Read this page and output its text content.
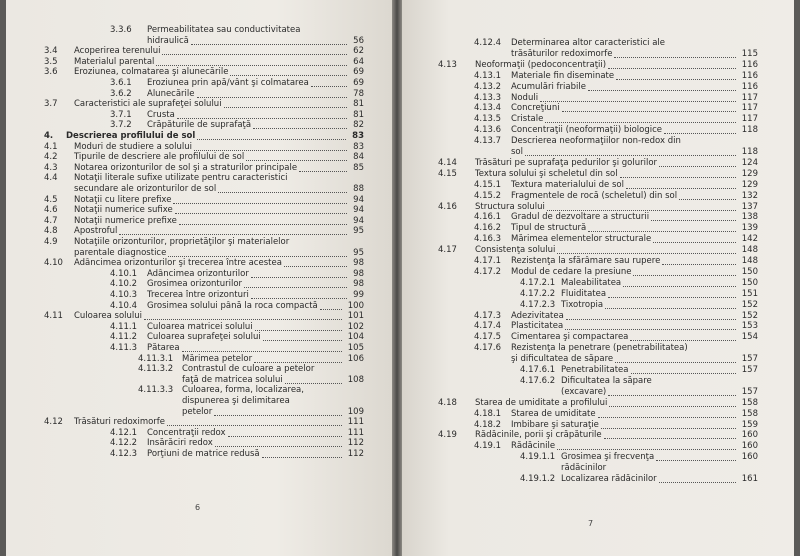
3.3.6 Permeabilitatea sau conductivitatea
hidraulică	56
3.4 Acoperirea terenului	62
3.5 Materialul parental	64
3.6 Eroziunea, colmatarea şi alunecările	69
3.6.1 Eroziunea prin apă/vânt şi colmatarea	69
3.6.2 Alunecările	78
3.7 Caracteristici ale suprafeţei solului	81
3.7.1 Crusta	81
3.7.2 Crăpăturile de suprafaţă	82
4. Descrierea profilului de sol	83
4.1 Moduri de studiere a solului	83
4.2 Tipurile de descriere ale profilului de sol	84
4.3 Notarea orizonturilor de sol şi a straturilor principale	85
4.4 Notaţii literale sufixe utilizate pentru caracteristici
secundare ale orizonturilor de sol	88
4.5 Notaţii cu litere prefixe	94
4.6 Notaţii numerice sufixe	94
4.7 Notaţii numerice prefixe	94
4.8 Apostroful	95
4.9 Notaţiile orizonturilor, proprietăţilor şi materialelor
parentale diagnostice	95
4.10 Adâncimea orizonturilor şi trecerea între acestea	98
4.10.1 Adâncimea orizonturilor	98
4.10.2 Grosimea orizonturilor	98
4.10.3 Trecerea între orizonturi	99
4.10.4 Grosimea solului până la roca compactă	100
4.11 Culoarea solului	101
4.11.1 Culoarea matricei solului	102
4.11.2 Culoarea suprafeţei solului	104
4.11.3 Pătarea	105
4.11.3.1 Mărimea petelor	106
4.11.3.2 Contrastul de culoare a petelor
faţă de matricea solului	108
4.11.3.3 Culoarea, forma, localizarea,
dispunerea şi delimitarea
petelor	109
4.12 Trăsături redoximorfe	111
4.12.1 Concentraţii redox	111
4.12.2 Însărăciri redox	112
4.12.3 Porţiuni de matrice redusă	112
6
4.12.4 Determinarea altor caracteristici ale
trăsăturilor redoximorfe	115
4.13 Neoformaţii (pedoconcentraţii)	116
4.13.1 Materiale fin diseminate	116
4.13.2 Acumulări friabile	116
4.13.3 Noduli	117
4.13.4 Concreţiuni	117
4.13.5 Cristale	117
4.13.6 Concentraţii (neoformaţii) biologice	118
4.13.7 Descrierea neoformaţiilor non-redox din
sol	118
4.14 Trăsături pe suprafaţa pedurilor şi golurilor	124
4.15 Textura solului şi scheletul din sol	129
4.15.1 Textura materialului de sol	129
4.15.2 Fragmentele de rocă (scheletul) din sol	132
4.16 Structura solului	137
4.16.1 Gradul de dezvoltare a structurii	138
4.16.2 Tipul de structură	139
4.16.3 Mărimea elementelor structurale	142
4.17 Consistenţa solului	148
4.17.1 Rezistenţa la sfărâmare sau rupere	148
4.17.2 Modul de cedare la presiune	150
4.17.2.1 Maleabilitatea	150
4.17.2.2 Fluiditatea	151
4.17.2.3 Tixotropia	152
4.17.3 Adezivitatea	152
4.17.4 Plasticitatea	153
4.17.5 Cimentarea şi compactarea	154
4.17.6 Rezistenţa la penetrare (penetrabilitatea)
şi dificultatea de săpare	157
4.17.6.1 Penetrabilitatea	157
4.17.6.2 Dificultatea la săpare
(excavare)	157
4.18 Starea de umiditate a profilului	158
4.18.1 Starea de umiditate	158
4.18.2 Îmbibare şi saturaţie	159
4.19 Rădăcinile, porii şi crăpăturile	160
4.19.1 Rădăcinile	160
4.19.1.1 Grosimea şi frecvenţa	160
rădăcinilor
4.19.1.2 Localizarea rădăcinilor	161
7
